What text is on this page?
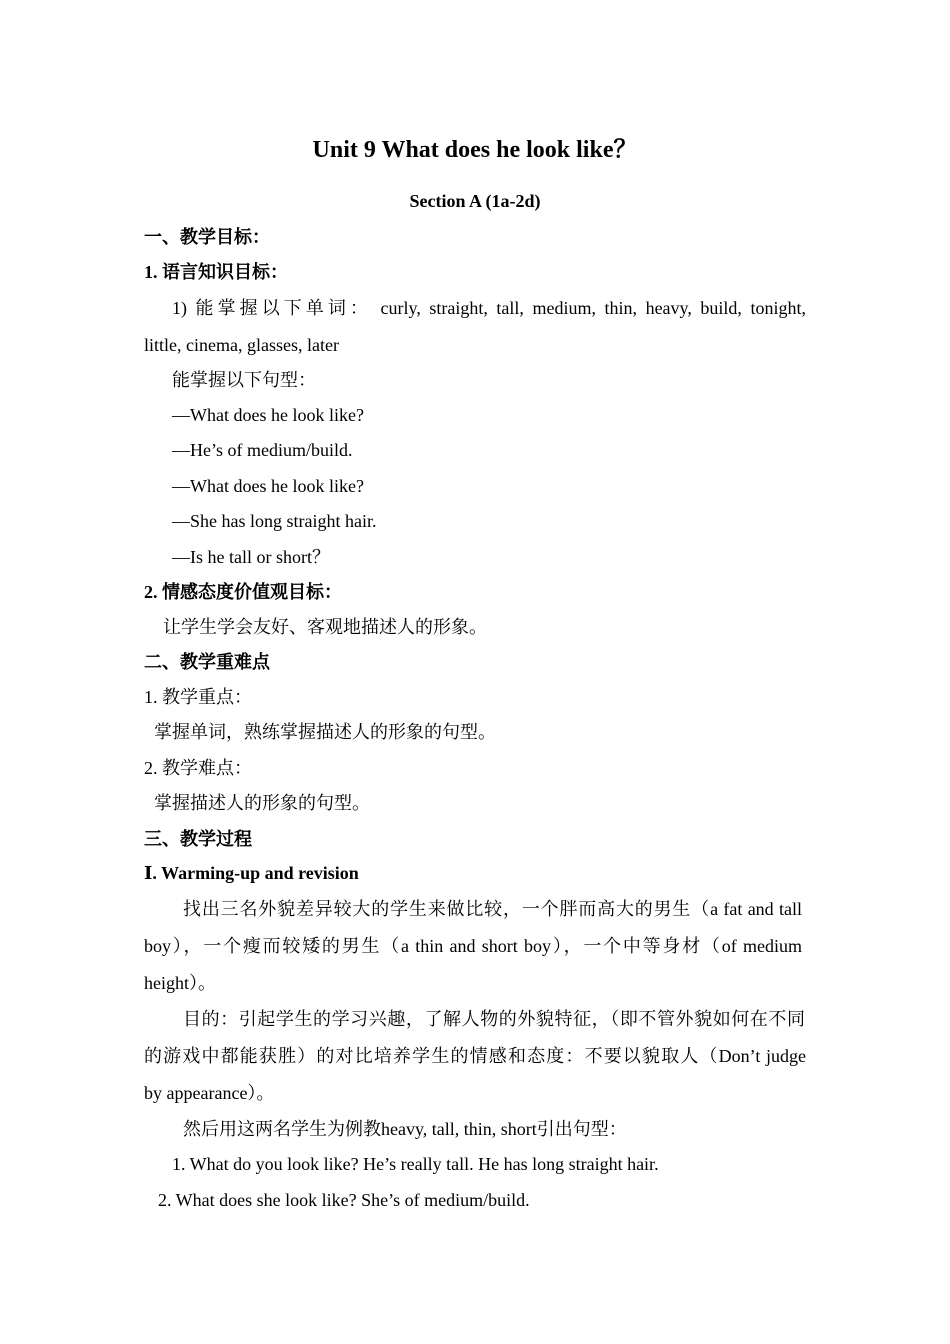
Unit 9 What does he look like？
Section A (1a-2d)
一、教学目标：
1. 语言知识目标：
1) 能掌握以下单词： curly, straight, tall, medium, thin, heavy, build, tonight,
little, cinema, glasses, later
能掌握以下句型：
—What does he look like?
—He’s of medium/build.
—What does he look like?
—She has long straight hair.
—Is he tall or short？
2. 情感态度价值观目标：
让学生学会友好、客观地描述人的形象。
二、教学重难点
1. 教学重点：
掌握单词，熟练掌握描述人的形象的句型。
2. 教学难点：
掌握描述人的形象的句型。
三、教学过程
Ⅰ. Warming-up and revision
找出三名外貌差异较大的学生来做比较，一个胖而高大的男生（a fat and tall
boy），一个瘦而较矮的男生（a thin and short boy），一个中等身材（of medium
height）。
目的：引起学生的学习兴趣，了解人物的外貌特征，（即不管外貌如何在不同
的游戏中都能获胜）的对比培养学生的情感和态度：不要以貌取人（Don’t judge
by appearance）。
然后用这两名学生为例教heavy, tall, thin, short引出句型：
1. What do you look like? He’s really tall. He has long straight hair.
2. What does she look like? She’s of medium/build.
